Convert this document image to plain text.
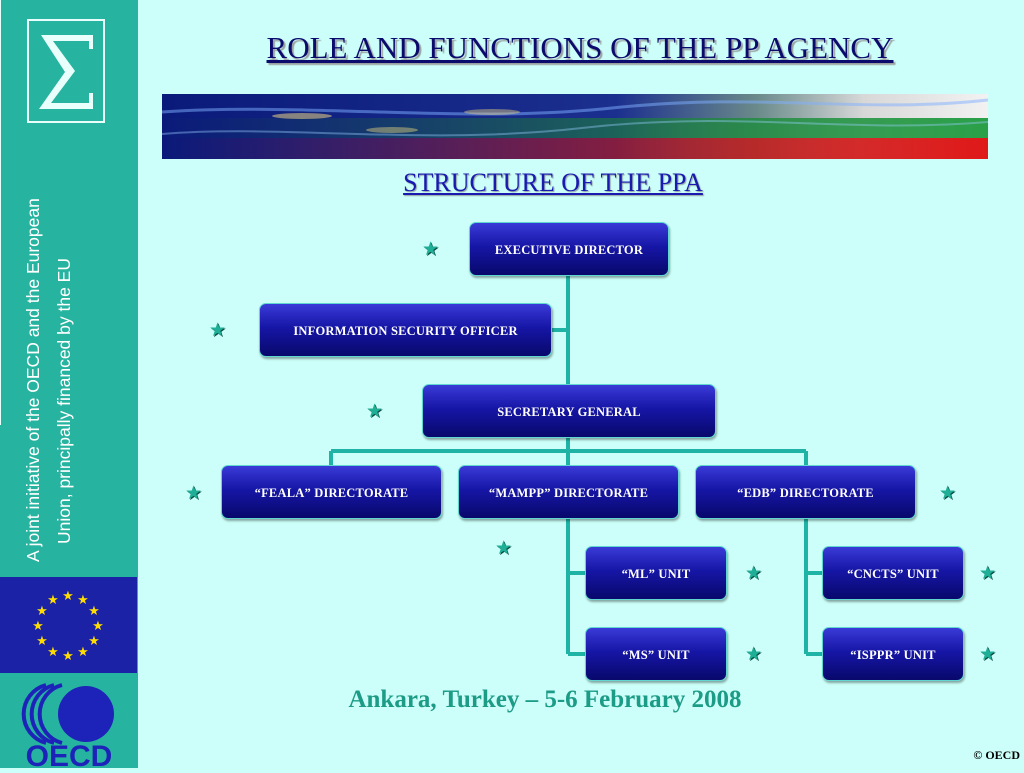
A joint initiative of the OECD and the European Union, principally financed by the EU
★ ★
★
★
★
★
★
★
★
★
★
★
OECD
ROLE AND FUNCTIONS OF THE PP AGENCY
STRUCTURE OF THE PPA
EXECUTIVE DIRECTOR
INFORMATION SECURITY OFFICER
SECRETARY GENERAL
“FEALA” DIRECTORATE	“MAMPP” DIRECTORATE	“EDB” DIRECTORATE
“ML” UNIT
“MS” UNIT
“CNCTS” UNIT
“ISPPR” UNIT
★
★
★
★	★
★
★	★
★	★
Ankara, Turkey – 5-6 February 2008
© OECD
